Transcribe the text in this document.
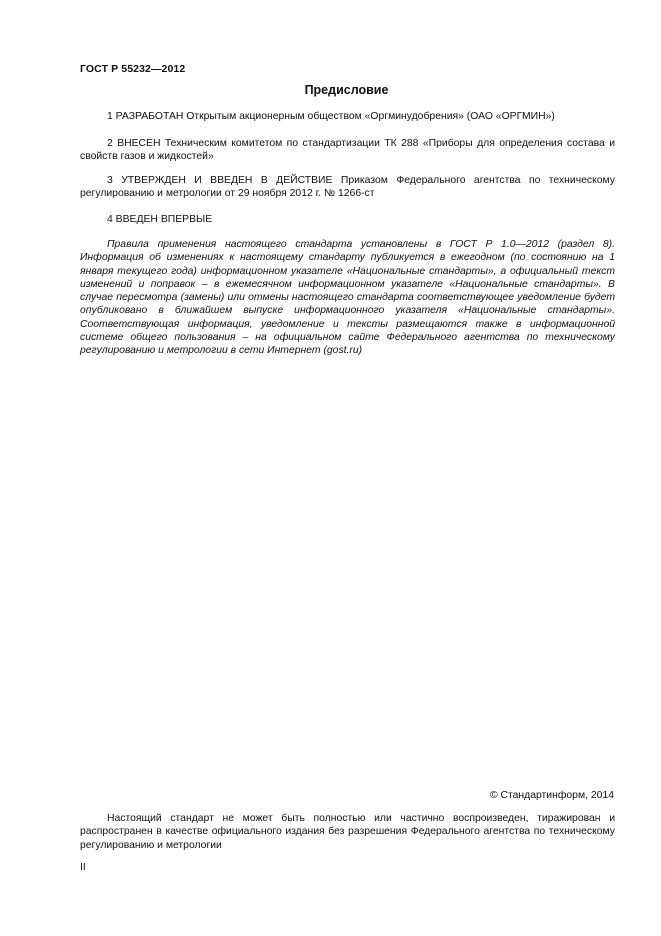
ГОСТ Р 55232—2012
Предисловие

1 РАЗРАБОТАН Открытым акционерным обществом «Оргминудобрения» (ОАО «ОРГМИН»)

2 ВНЕСЕН Техническим комитетом по стандартизации ТК 288 «Приборы для определения состава и свойств газов и жидкостей»

3 УТВЕРЖДЕН И ВВЕДЕН В ДЕЙСТВИЕ Приказом Федерального агентства по техническому регулированию и метрологии от 29 ноября 2012 г. № 1266-ст

4 ВВЕДЕН ВПЕРВЫЕ

Правила применения настоящего стандарта установлены в ГОСТ Р 1.0—2012 (раздел 8). Информация об изменениях к настоящему стандарту публикуется в ежегодном (по состоянию на 1 января текущего года) информационном указателе «Национальные стандарты», а официальный текст изменений и поправок – в ежемесячном информационном указателе «Национальные стандарты». В случае пересмотра (замены) или отмены настоящего стандарта соответствующее уведомление будет опубликовано в ближайшем выпуске информационного указателя «Национальные стандарты». Соответствующая информация, уведомление и тексты размещаются также в информационной системе общего пользования – на официальном сайте Федерального агентства по техническому регулированию и метрологии в сети Интернет (gost.ru)

© Стандартинформ, 2014

Настоящий стандарт не может быть полностью или частично воспроизведен, тиражирован и распространен в качестве официального издания без разрешения Федерального агентства по техническому регулированию и метрологии

II
